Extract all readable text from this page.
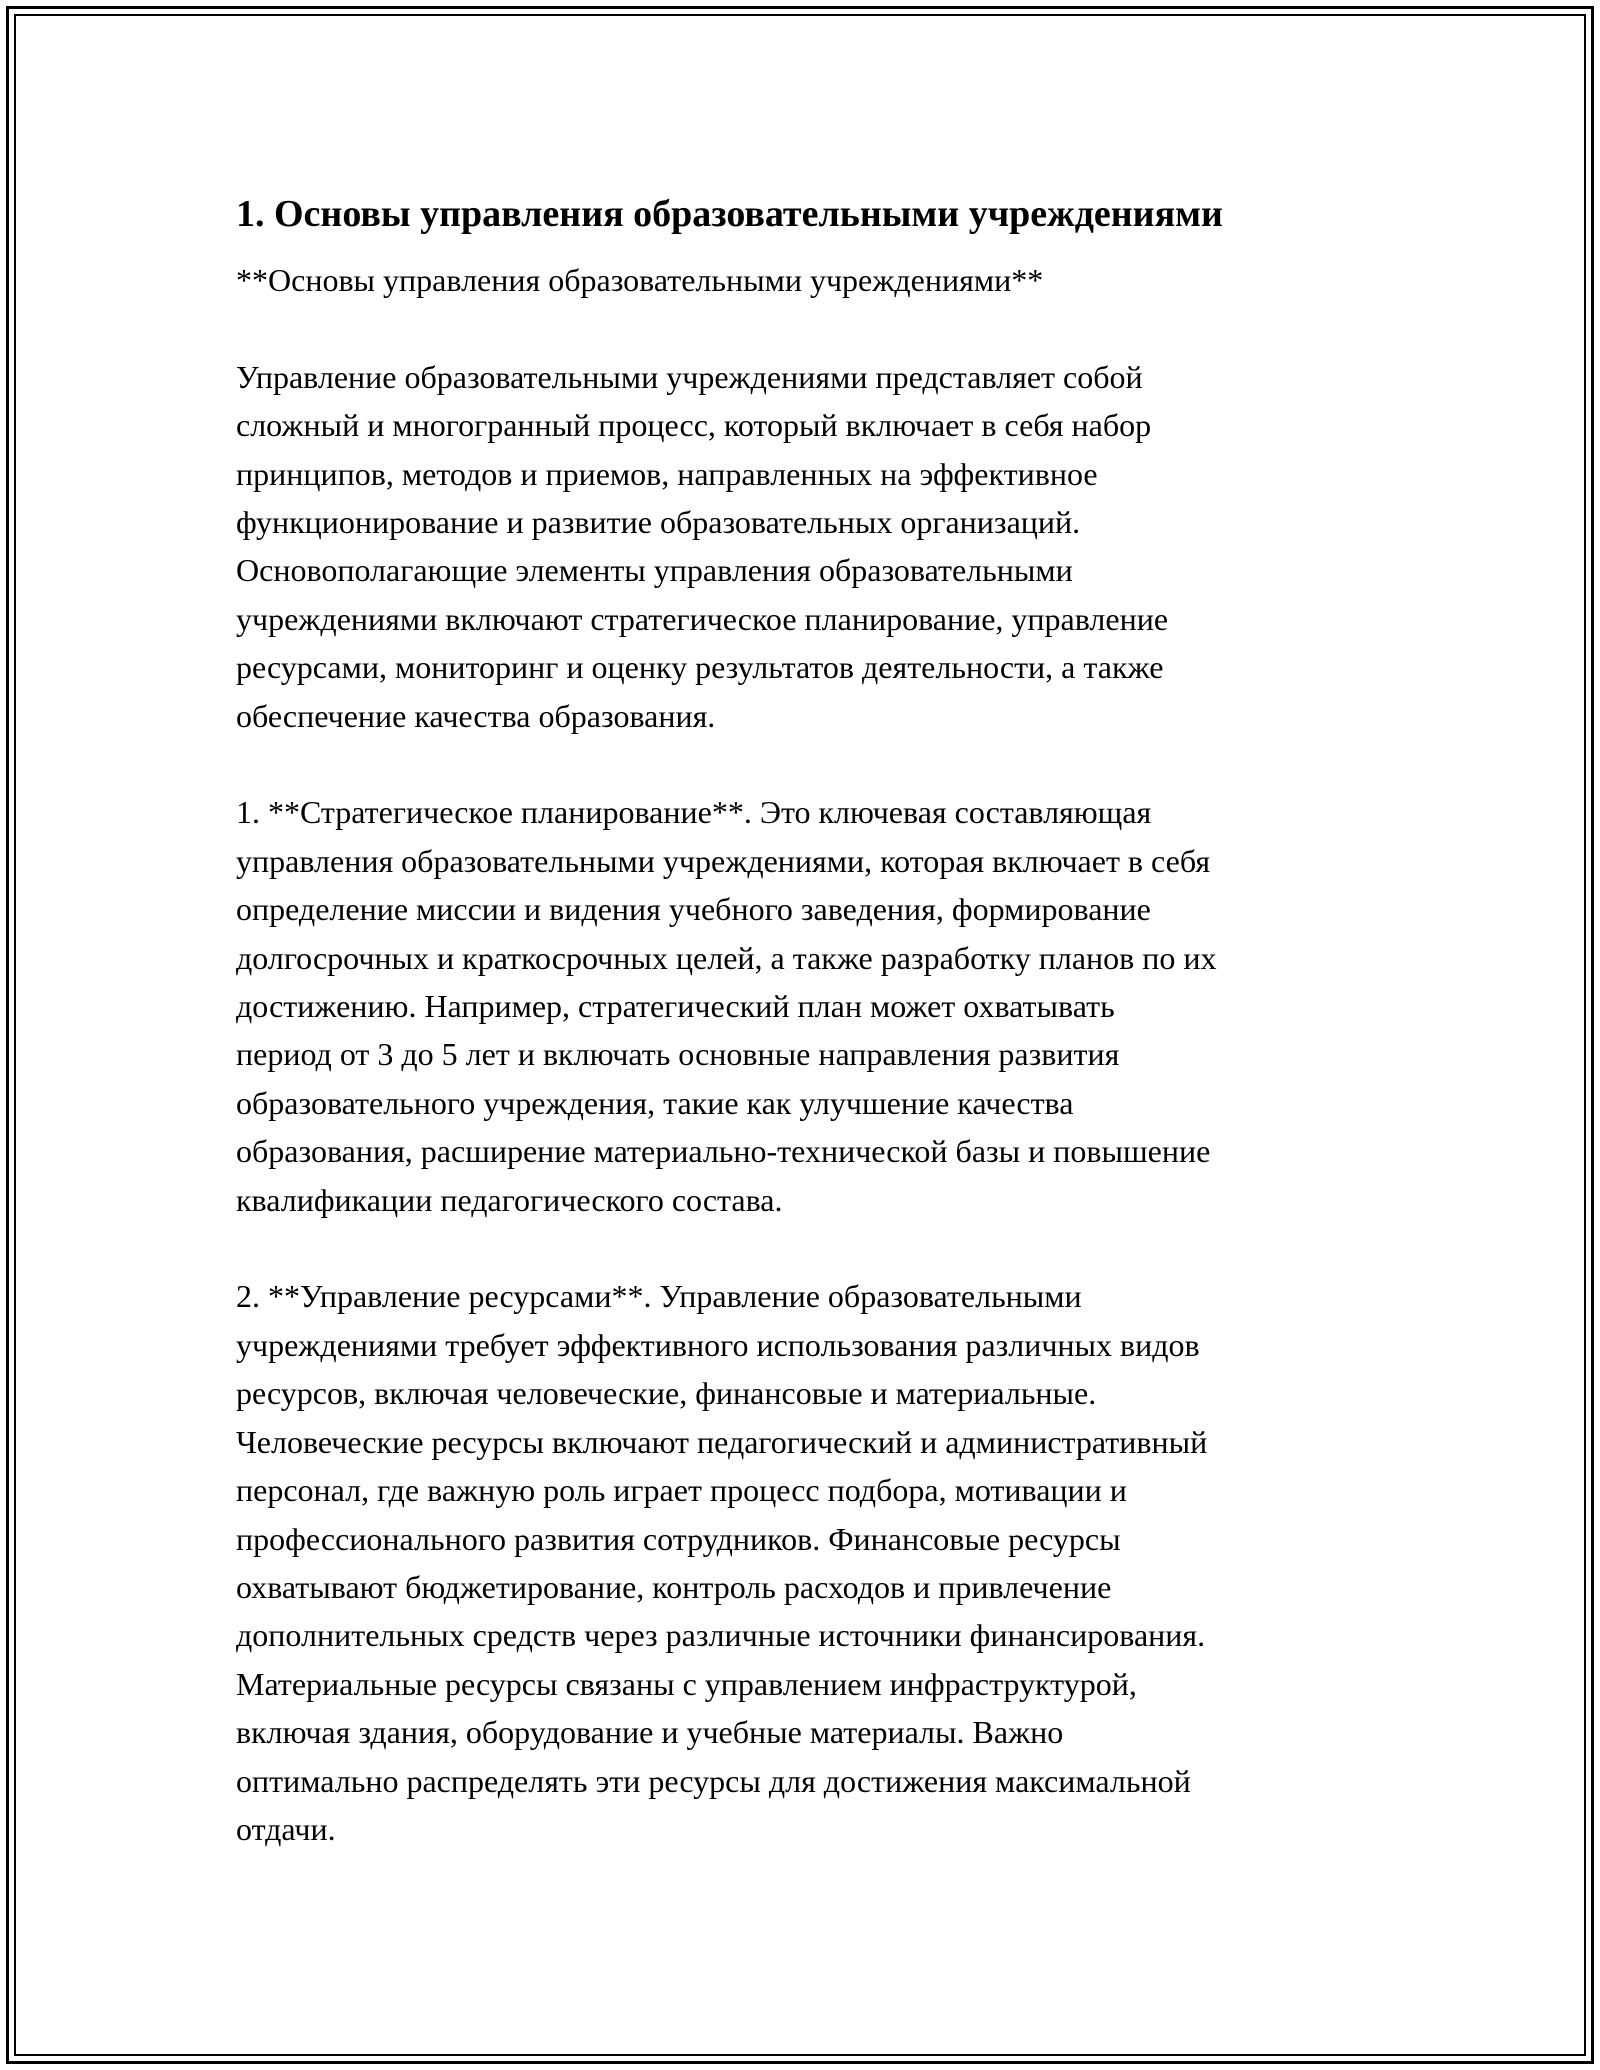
1. Основы управления образовательными учреждениями

**Основы управления образовательными учреждениями**

Управление образовательными учреждениями представляет собой
сложный и многогранный процесс, который включает в себя набор
принципов, методов и приемов, направленных на эффективное
функционирование и развитие образовательных организаций.
Основополагающие элементы управления образовательными
учреждениями включают стратегическое планирование, управление
ресурсами, мониторинг и оценку результатов деятельности, а также
обеспечение качества образования.

1. **Стратегическое планирование**. Это ключевая составляющая
управления образовательными учреждениями, которая включает в себя
определение миссии и видения учебного заведения, формирование
долгосрочных и краткосрочных целей, а также разработку планов по их
достижению. Например, стратегический план может охватывать
период от 3 до 5 лет и включать основные направления развития
образовательного учреждения, такие как улучшение качества
образования, расширение материально-технической базы и повышение
квалификации педагогического состава.

2. **Управление ресурсами**. Управление образовательными
учреждениями требует эффективного использования различных видов
ресурсов, включая человеческие, финансовые и материальные.
Человеческие ресурсы включают педагогический и административный
персонал, где важную роль играет процесс подбора, мотивации и
профессионального развития сотрудников. Финансовые ресурсы
охватывают бюджетирование, контроль расходов и привлечение
дополнительных средств через различные источники финансирования.
Материальные ресурсы связаны с управлением инфраструктурой,
включая здания, оборудование и учебные материалы. Важно
оптимально распределять эти ресурсы для достижения максимальной
отдачи.
